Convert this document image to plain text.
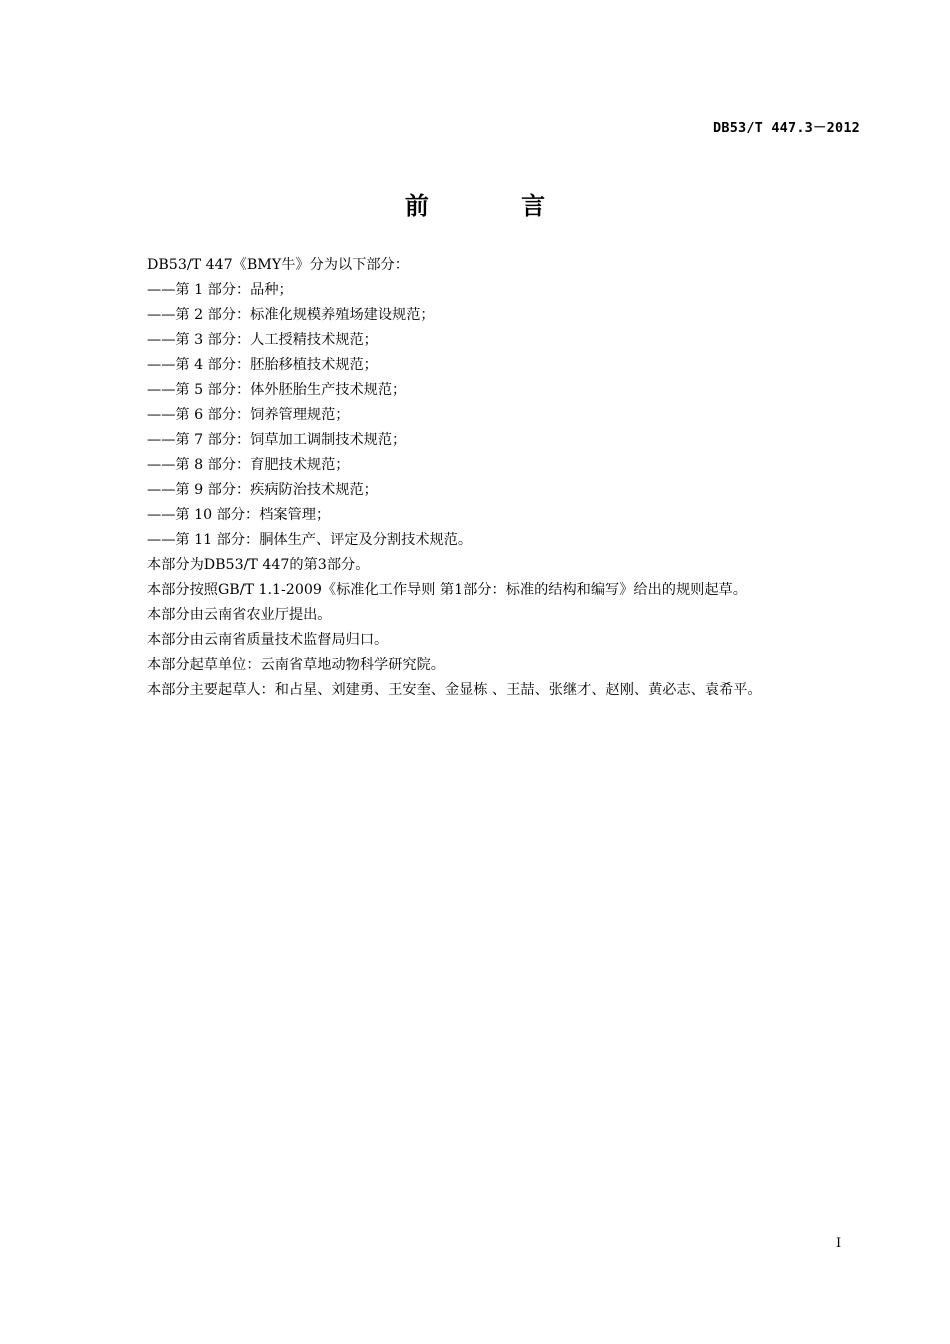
DB53/T 447.3－2012
前 言
DB53/T 447《BMY牛》分为以下部分：
——第 1 部分：品种；
——第 2 部分：标准化规模养殖场建设规范；
——第 3 部分：人工授精技术规范；
——第 4 部分：胚胎移植技术规范；
——第 5 部分：体外胚胎生产技术规范；
——第 6 部分：饲养管理规范；
——第 7 部分：饲草加工调制技术规范；
——第 8 部分：育肥技术规范；
——第 9 部分：疾病防治技术规范；
——第 10 部分：档案管理；
——第 11 部分：胴体生产、评定及分割技术规范。
本部分为DB53/T 447的第3部分。
本部分按照GB/T 1.1-2009《标准化工作导则 第1部分：标准的结构和编写》给出的规则起草。
本部分由云南省农业厅提出。
本部分由云南省质量技术监督局归口。
本部分起草单位：云南省草地动物科学研究院。
本部分主要起草人：和占星、刘建勇、王安奎、金显栋 、王喆、张继才、赵刚、黄必志、袁希平。
I
